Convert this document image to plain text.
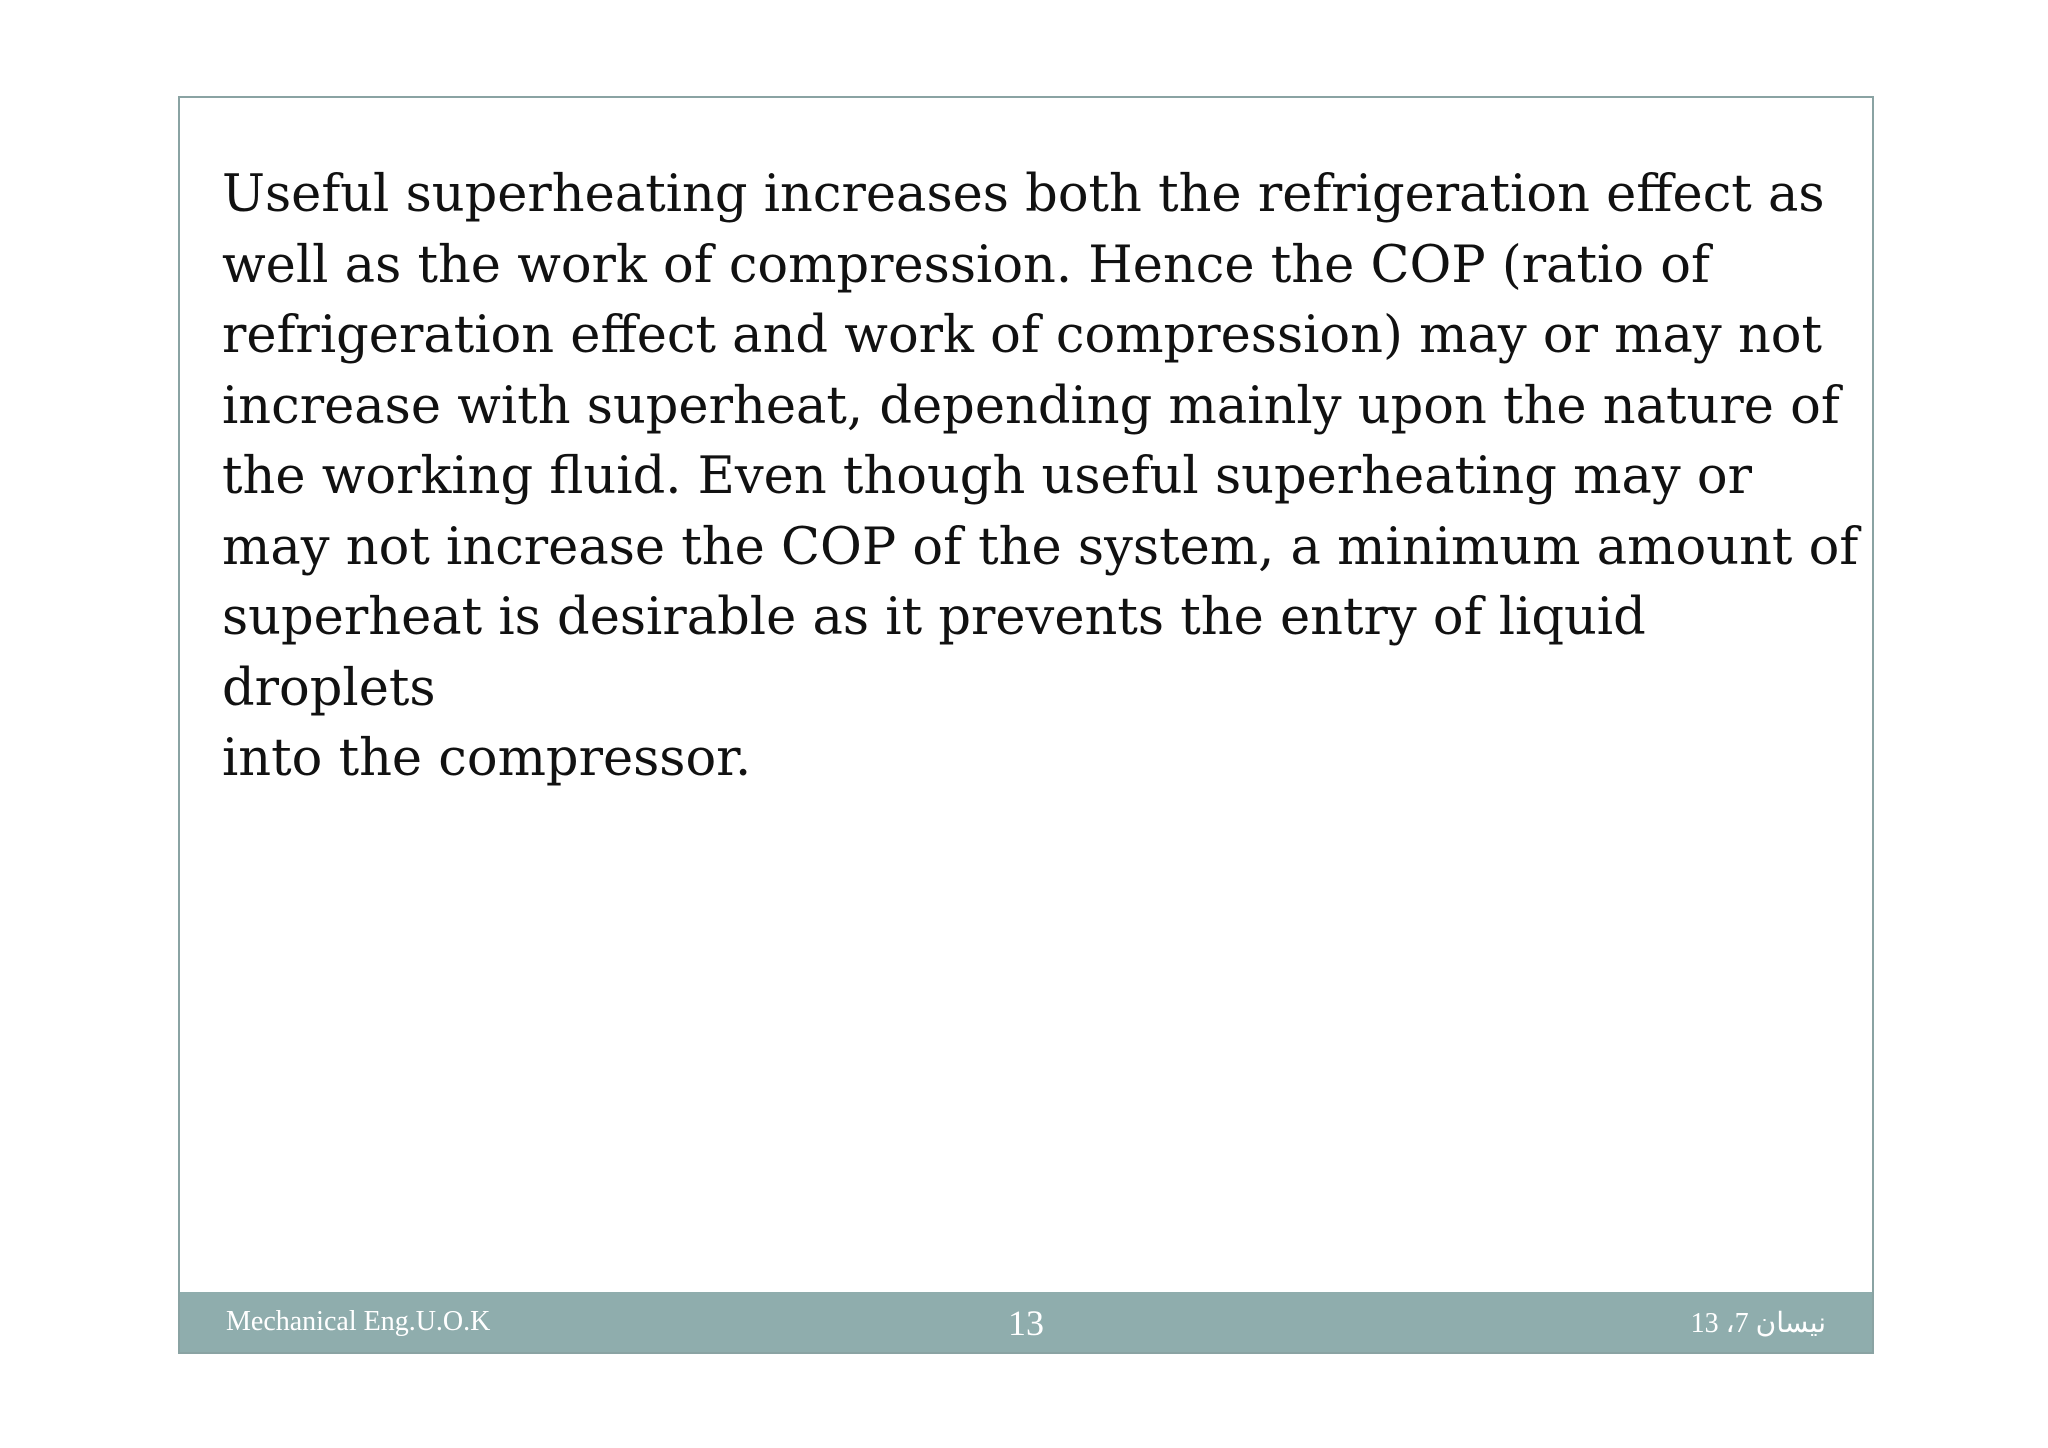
Useful superheating increases both the refrigeration effect as
well as the work of compression. Hence the COP (ratio of
refrigeration effect and work of compression) may or may not
increase with superheat, depending mainly upon the nature of
the working fluid. Even though useful superheating may or
may not increase the COP of the system, a minimum amount of
superheat is desirable as it prevents the entry of liquid droplets
into the compressor.

Mechanical Eng.U.O.K	13	نيسان 7، 13
